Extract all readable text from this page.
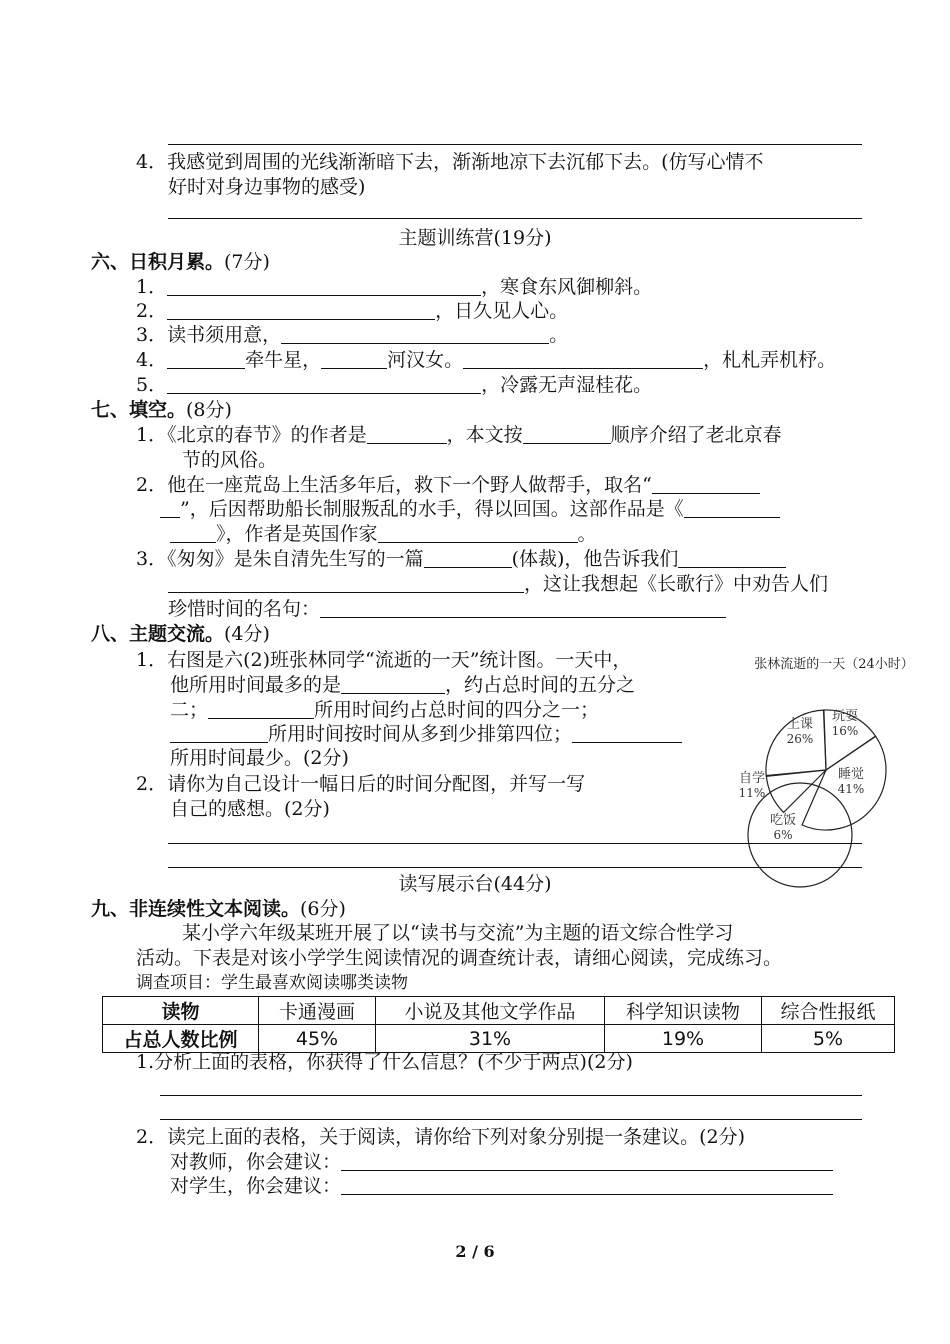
4．我感觉到周围的光线渐渐暗下去，渐渐地凉下去沉郁下去。(仿写心情不
好时对身边事物的感受)
主题训练营(19分)
六、日积月累。(7分)
1．	，寒食东风御柳斜。
2．	，日久见人心。
3．读书须用意，	。
4．	牵牛星，	河汉女。	，札札弄机杼。
5．	，冷露无声湿桂花。
七、填空。(8分)
1．《北京的春节》的作者是	，本文按	顺序介绍了老北京春
节的风俗。
2．他在一座荒岛上生活多年后，救下一个野人做帮手，取名“
”，后因帮助船长制服叛乱的水手，得以回国。这部作品是《
》，作者是英国作家	。
3．《匆匆》是朱自清先生写的一篇	(体裁)，他告诉我们
，这让我想起《长歌行》中劝告人们
珍惜时间的名句：
八、主题交流。(4分)
1．右图是六(2)班张林同学“流逝的一天”统计图。一天中，
他所用时间最多的是	，约占总时间的五分之
二；	所用时间约占总时间的四分之一；
所用时间按时间从多到少排第四位；
所用时间最少。(2分)
2．请你为自己设计一幅日后的时间分配图，并写一写
自己的感想。(2分)
张林流逝的一天（24小时）
上课
26%
玩耍
16%
睡觉
41%
吃饭
6%
自学
11%
读写展示台(44分)
九、非连续性文本阅读。(6分)
某小学六年级某班开展了以“读书与交流”为主题的语文综合性学习
活动。下表是对该小学学生阅读情况的调查统计表，请细心阅读，完成练习。
调查项目：学生最喜欢阅读哪类读物
读物	卡通漫画	小说及其他文学作品	科学知识读物	综合性报纸
占总人数比例	45%	31%	19%	5%
1.分析上面的表格，你获得了什么信息？(不少于两点)(2分)
2．读完上面的表格，关于阅读，请你给下列对象分别提一条建议。(2分)
对教师，你会建议：
对学生，你会建议：
2 / 6
